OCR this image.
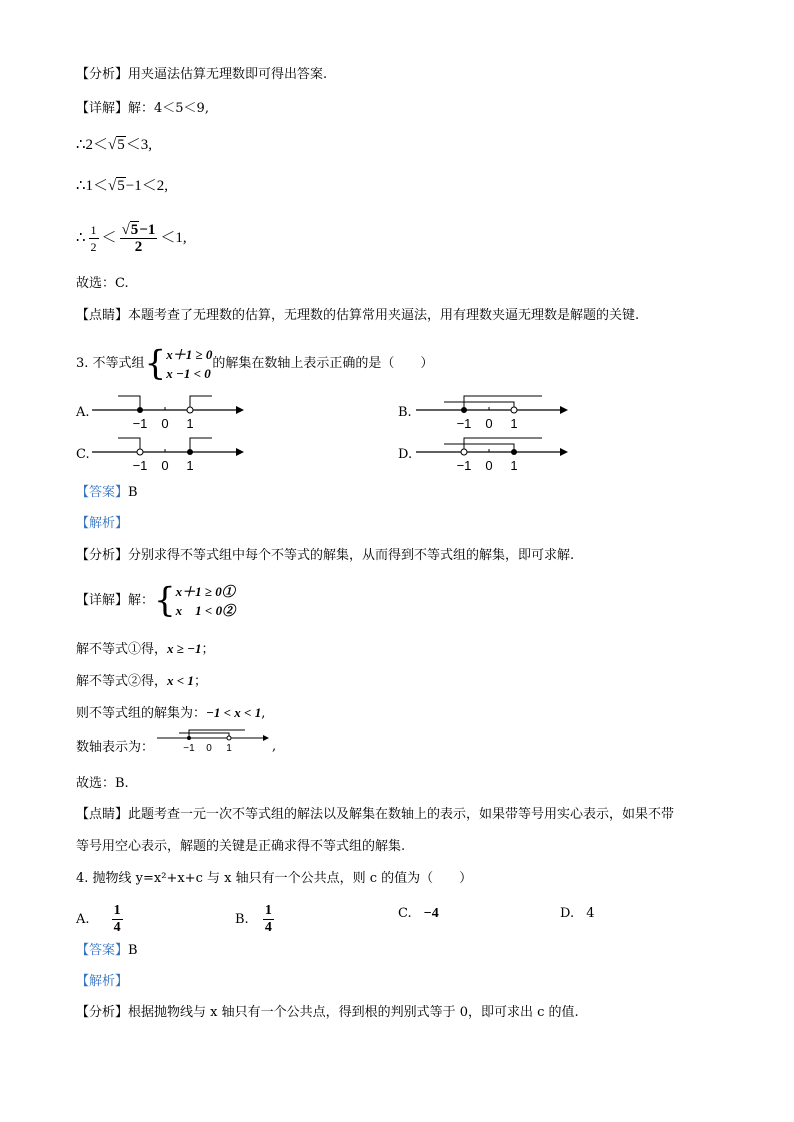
【分析】用夹逼法估算无理数即可得出答案.
【详解】解：4＜5＜9,
∴2＜√5＜3,
∴1＜√5−1＜2,
∴ $\frac{1}{2} < \frac{√5-1}{2} <1$,
故选：C.
【点睛】本题考查了无理数的估算，无理数的估算常用夹逼法，用有理数夹逼无理数是解题的关键.
3. 不等式组{x＋1 ≥ 0
x −1 < 0的解集在数轴上表示正确的是（　　）
A.	B.
C.	D.
−1 0 1	−1 0 1
−1 0 1	−1 0 1
【答案】B
【解析】
【分析】分别求得不等式组中每个不等式的解集，从而得到不等式组的解集，即可求解.
【详解】解：{x＋1 ≥ 0①
x　1 < 0②
解不等式①得，x ≥ −1；
解不等式②得，x < 1；
则不等式组的解集为：−1 < x < 1,
数轴表示为：	−1 0 1	,
故选：B.
【点睛】此题考查一元一次不等式组的解法以及解集在数轴上的表示，如果带等号用实心表示，如果不带
等号用空心表示，解题的关键是正确求得不等式组的解集.
4. 抛物线 y=x²+x+c 与 x 轴只有一个公共点，则 c 的值为（　　）
A. $\frac{1}{4}$	B. $\frac{1}{4}$	C. −4	D. 4
【答案】B
【解析】
【分析】根据抛物线与 x 轴只有一个公共点，得到根的判别式等于 0，即可求出 c 的值.
